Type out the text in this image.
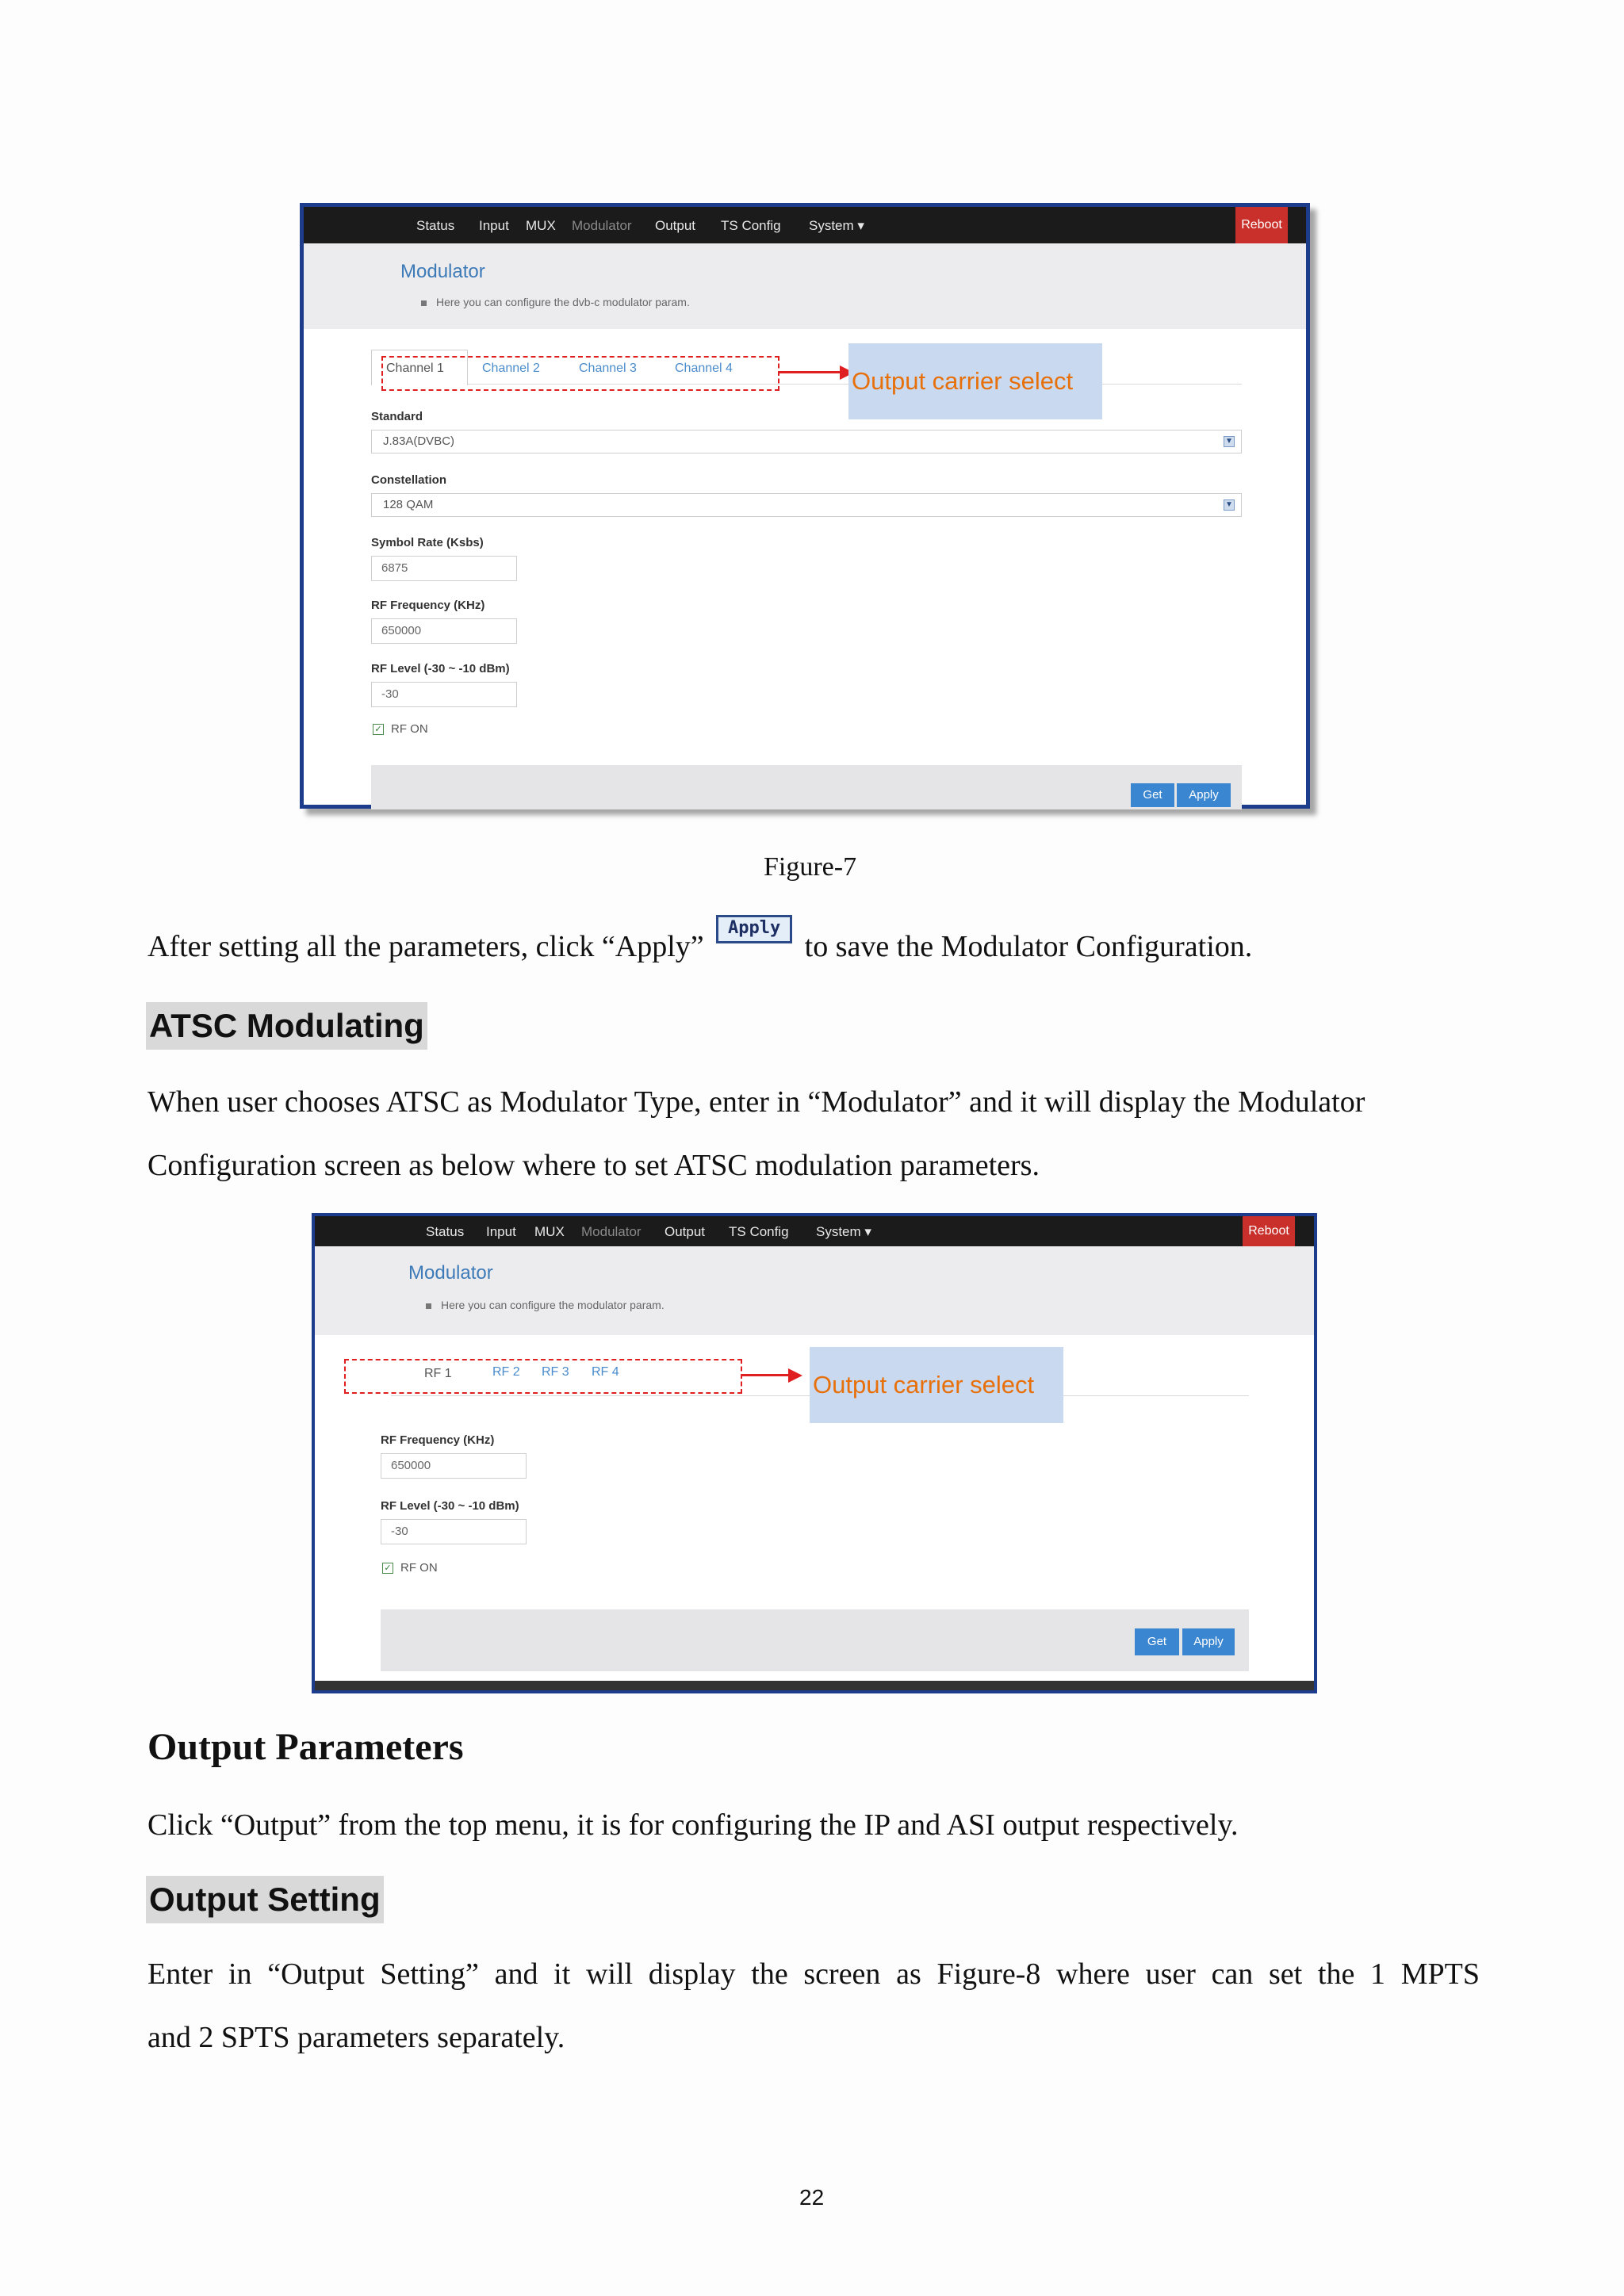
Status Input MUX Modulator Output TS Config System ▾	Reboot
Modulator
Here you can configure the dvb-c modulator param.
Channel 1	Channel 2	Channel 3	Channel 4	Output carrier select
Standard
J.83A(DVBC)	▼
Constellation
128 QAM	▼
Symbol Rate (Ksbs)
6875
RF Frequency (KHz)
650000
RF Level (-30 ~ -10 dBm)
-30
✓ RF ON
Get	Apply
Figure-7
After setting all the parameters, click “Apply” Apply to save the Modulator Configuration.
ATSC Modulating
When user chooses ATSC as Modulator Type, enter in “Modulator” and it will display the Modulator
Configuration screen as below where to set ATSC modulation parameters.
Status Input MUX Modulator Output TS Config System ▾	Reboot
Modulator
Here you can configure the modulator param.
RF 1	RF 2 RF 3 RF 4	Output carrier select
RF Frequency (KHz)
650000
RF Level (-30 ~ -10 dBm)
-30
✓ RF ON
Get	Apply
Output Parameters
Click “Output” from the top menu, it is for configuring the IP and ASI output respectively.
Output Setting
Enter in “Output Setting” and it will display the screen as Figure-8 where user can set the 1 MPTS
and 2 SPTS parameters separately.
22
